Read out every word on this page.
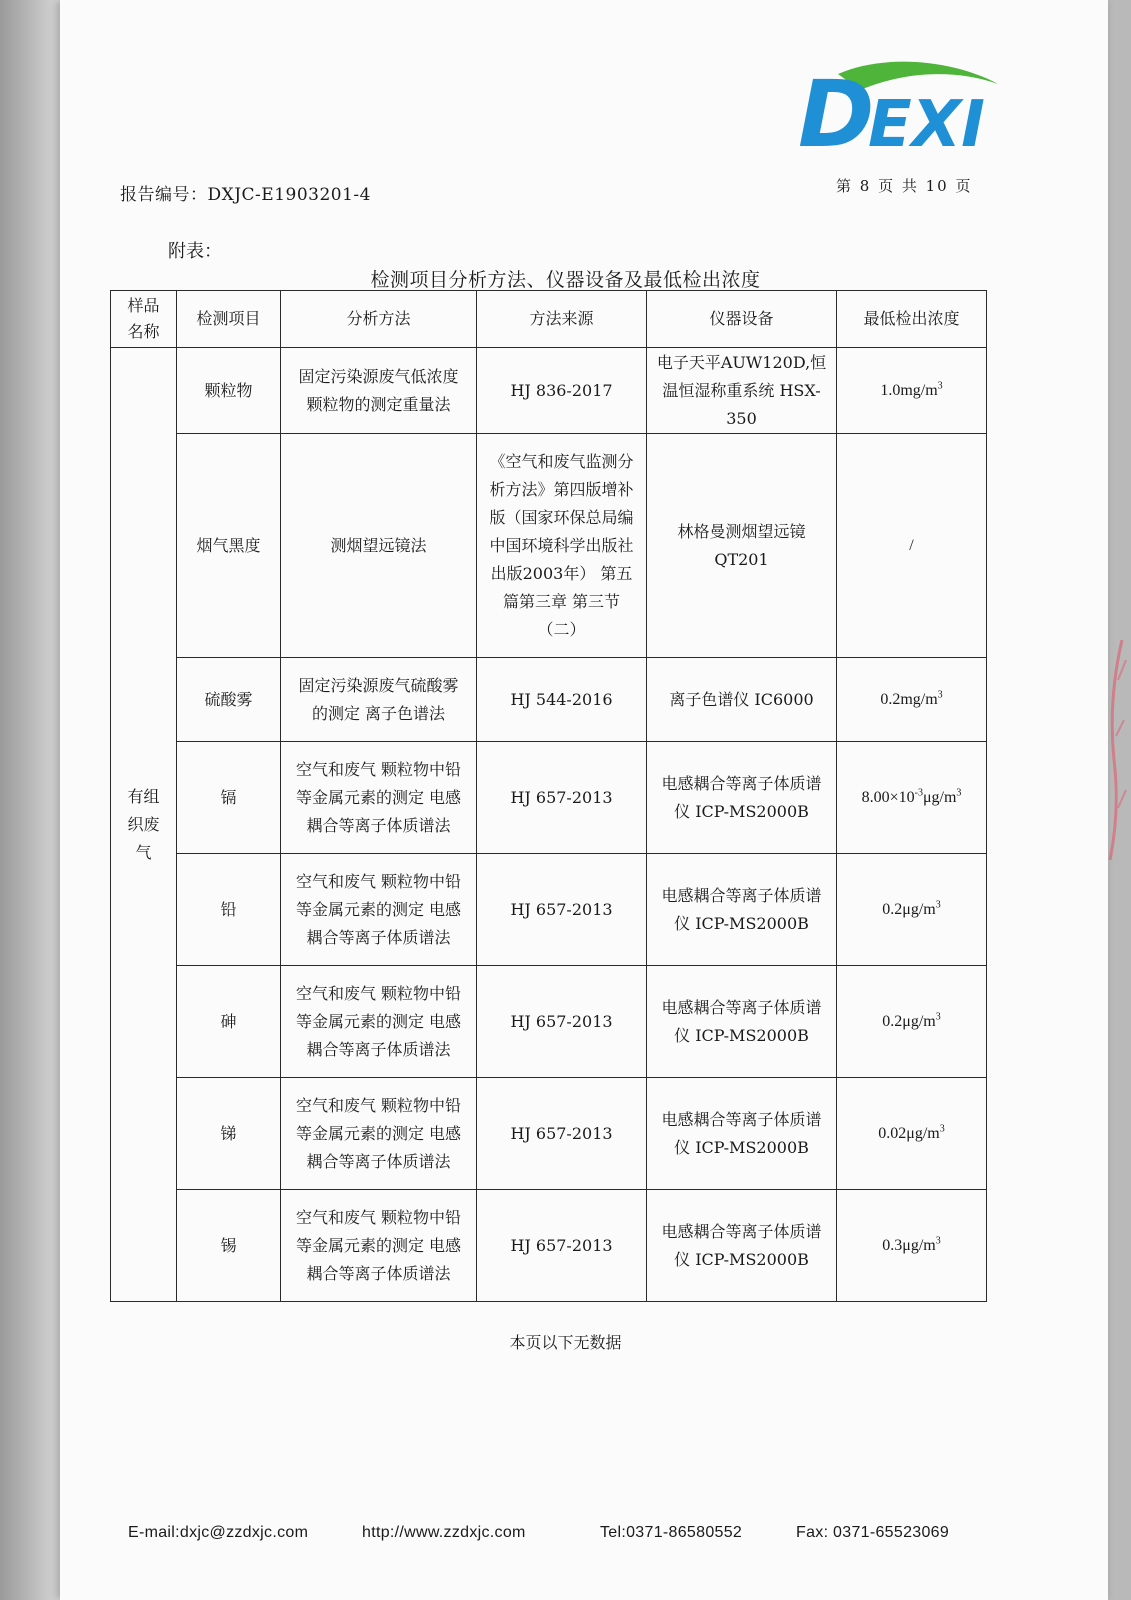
D
EXI
报告编号：DXJC-E1903201-4	第 8 页 共 10 页
附表：
检测项目分析方法、仪器设备及最低检出浓度
样品名称	检测项目	分析方法	方法来源	仪器设备	最低检出浓度

有组织废气	颗粒物	固定污染源废气低浓度颗粒物的测定重量法	HJ 836-2017	电子天平AUW120D,恒温恒湿称重系统 HSX-350	$1.0mg/m^3$

	烟气黑度	测烟望远镜法	《空气和废气监测分析方法》第四版增补版（国家环保总局编 中国环境科学出版社出版2003年） 第五篇第三章 第三节（二）	林格曼测烟望远镜QT201	/

	硫酸雾	固定污染源废气硫酸雾的测定 离子色谱法	HJ 544-2016	离子色谱仪 IC6000	$0.2mg/m^3$

	镉	空气和废气 颗粒物中铅等金属元素的测定 电感耦合等离子体质谱法	HJ 657-2013	电感耦合等离子体质谱仪 ICP-MS2000B	$8.00\times 10^{-3}\mu g/m^3$

	铅	空气和废气 颗粒物中铅等金属元素的测定 电感耦合等离子体质谱法	HJ 657-2013	电感耦合等离子体质谱仪 ICP-MS2000B	$0.2\mu g/m^3$

	砷	空气和废气 颗粒物中铅等金属元素的测定 电感耦合等离子体质谱法	HJ 657-2013	电感耦合等离子体质谱仪 ICP-MS2000B	$0.2\mu g/m^3$

	锑	空气和废气 颗粒物中铅等金属元素的测定 电感耦合等离子体质谱法	HJ 657-2013	电感耦合等离子体质谱仪 ICP-MS2000B	$0.02\mu g/m^3$

	锡	空气和废气 颗粒物中铅等金属元素的测定 电感耦合等离子体质谱法	HJ 657-2013	电感耦合等离子体质谱仪 ICP-MS2000B	$0.3\mu g/m^3$
本页以下无数据
E-mail:dxjc@zzdxjc.com	http://www.zzdxjc.com	Tel:0371-86580552	Fax: 0371-65523069
